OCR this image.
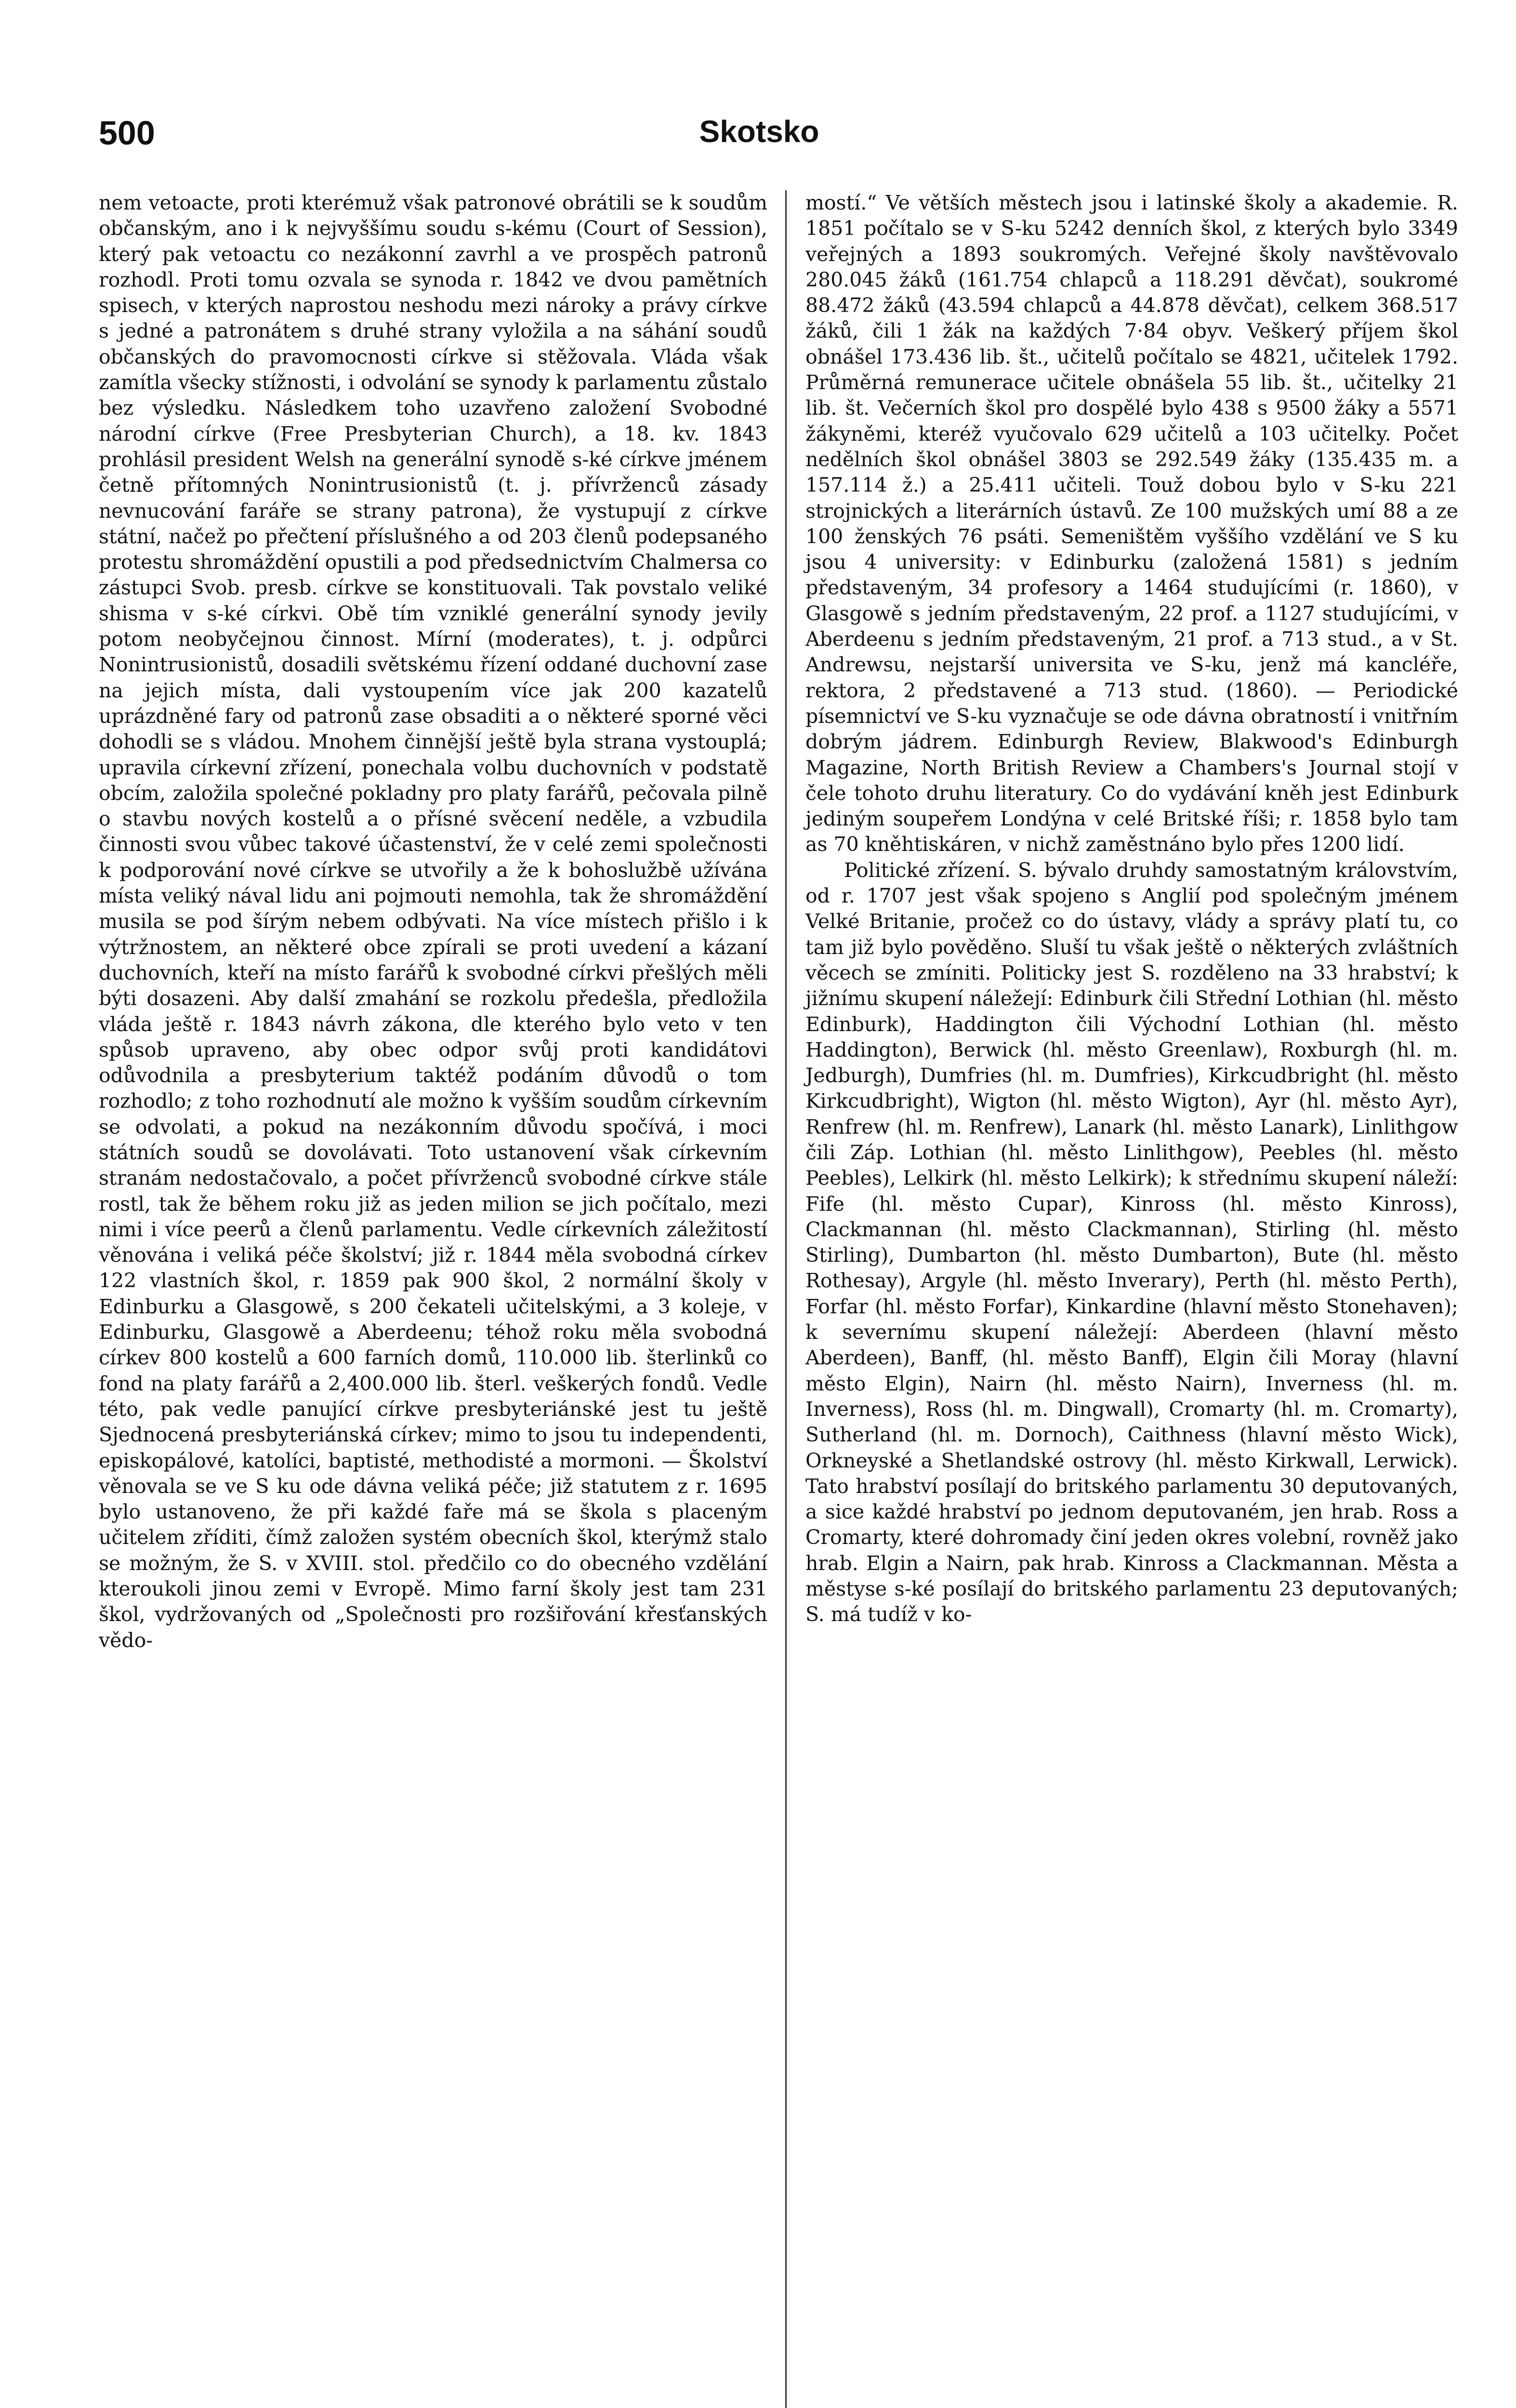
500	Skotsko

nem vetoacte, proti kterémuž však patronové obrátili se k soudům občanským, ano i k nejvyššímu soudu s-kému (Court of Session), který pak vetoactu co nezákonní zavrhl a ve prospěch patronů rozhodl. Proti tomu ozvala se synoda r. 1842 ve dvou pamětních spisech, v kterých naprostou neshodu mezi nároky a právy církve s jedné a patronátem s druhé strany vyložila a na sáhání soudů občanských do pravomocnosti církve si stěžovala. Vláda však zamítla všecky stížnosti, i odvolání se synody k parlamentu zůstalo bez výsledku. Následkem toho uzavřeno založení Svobodné národní církve (Free Presbyterian Church), a 18. kv. 1843 prohlásil president Welsh na generální synodě s-ké církve jménem četně přítomných Nonintrusionistů (t. j. přívrženců zásady nevnucování faráře se strany patrona), že vystupují z církve státní, načež po přečtení příslušného a od 203 členů podepsaného protestu shromáždění opustili a pod předsednictvím Chalmersa co zástupci Svob. presb. církve se konstituovali. Tak povstalo veliké shisma v s-ké církvi. Obě tím vzniklé generální synody jevily potom neobyčejnou činnost. Mírní (moderates), t. j. odpůrci Nonintrusionistů, dosadili světskému řízení oddané duchovní zase na jejich místa, dali vystoupením více jak 200 kazatelů uprázdněné fary od patronů zase obsaditi a o některé sporné věci dohodli se s vládou. Mnohem činnější ještě byla strana vystouplá; upravila církevní zřízení, ponechala volbu duchovních v podstatě obcím, založila společné pokladny pro platy farářů, pečovala pilně o stavbu nových kostelů a o přísné svěcení neděle, a vzbudila činnosti svou vůbec takové účastenství, že v celé zemi společnosti k podporování nové církve se utvořily a že k bohoslužbě užívána místa veliký nával lidu ani pojmouti nemohla, tak že shromáždění musila se pod šírým nebem odbývati. Na více místech přišlo i k výtržnostem, an některé obce zpírali se proti uvedení a kázaní duchovních, kteří na místo farářů k svobodné církvi přešlých měli býti dosazeni. Aby další zmahání se rozkolu předešla, předložila vláda ještě r. 1843 návrh zákona, dle kterého bylo veto v ten spůsob upraveno, aby obec odpor svůj proti kandidátovi odůvodnila a presbyterium taktéž podáním důvodů o tom rozhodlo; z toho rozhodnutí ale možno k vyšším soudům církevním se odvolati, a pokud na nezákonním důvodu spočívá, i moci státních soudů se dovolávati. Toto ustanovení však církevním stranám nedostačovalo, a počet přívrženců svobodné církve stále rostl, tak že během roku již as jeden milion se jich počítalo, mezi nimi i více peerů a členů parlamentu. Vedle církevních záležitostí věnována i veliká péče školství; již r. 1844 měla svobodná církev 122 vlastních škol, r. 1859 pak 900 škol, 2 normální školy v Edinburku a Glasgowě, s 200 čekateli učitelskými, a 3 koleje, v Edinburku, Glasgowě a Aberdeenu; téhož roku měla svobodná církev 800 kostelů a 600 farních domů, 110.000 lib. šterlinků co fond na platy farářů a 2,400.000 lib. šterl. veškerých fondů. Vedle této, pak vedle panující církve presbyteriánské jest tu ještě Sjednocená presbyteriánská církev; mimo to jsou tu independenti, episkopálové, katolíci, baptisté, methodisté a mormoni. — Školství věnovala se ve S ku ode dávna veliká péče; již statutem z r. 1695 bylo ustanoveno, že při každé faře má se škola s placeným učitelem zříditi, čímž založen systém obecních škol, kterýmž stalo se možným, že S. v XVIII. stol. předčilo co do obecného vzdělání kteroukoli jinou zemi v Evropě. Mimo farní školy jest tam 231 škol, vydržovaných od „Společnosti pro rozšiřování křesťanských vědo-

mostí.“ Ve větších městech jsou i latinské školy a akademie. R. 1851 počítalo se v S-ku 5242 denních škol, z kterých bylo 3349 veřejných a 1893 soukromých. Veřejné školy navštěvovalo 280.045 žáků (161.754 chlapců a 118.291 děvčat), soukromé 88.472 žáků (43.594 chlapců a 44.878 děvčat), celkem 368.517 žáků, čili 1 žák na každých 7·84 obyv. Veškerý příjem škol obnášel 173.436 lib. št., učitelů počítalo se 4821, učitelek 1792. Průměrná remunerace učitele obnášela 55 lib. št., učitelky 21 lib. št. Večerních škol pro dospělé bylo 438 s 9500 žáky a 5571 žákyněmi, kteréž vyučovalo 629 učitelů a 103 učitelky. Počet nedělních škol obnášel 3803 se 292.549 žáky (135.435 m. a 157.114 ž.) a 25.411 učiteli. Touž dobou bylo v S-ku 221 strojnických a literárních ústavů. Ze 100 mužských umí 88 a ze 100 ženských 76 psáti. Semeništěm vyššího vzdělání ve S ku jsou 4 university: v Edinburku (založená 1581) s jedním představeným, 34 profesory a 1464 studujícími (r. 1860), v Glasgowě s jedním představeným, 22 prof. a 1127 studujícími, v Aberdeenu s jedním představeným, 21 prof. a 713 stud., a v St. Andrewsu, nejstarší universita ve S-ku, jenž má kancléře, rektora, 2 představené a 713 stud. (1860). — Periodické písemnictví ve S-ku vyznačuje se ode dávna obratností i vnitřním dobrým jádrem. Edinburgh Review, Blakwood's Edinburgh Magazine, North British Review a Chambers's Journal stojí v čele tohoto druhu literatury. Co do vydávání kněh jest Edinburk jediným soupeřem Londýna v celé Britské říši; r. 1858 bylo tam as 70 kněhtiskáren, v nichž zaměstnáno bylo přes 1200 lidí.

Politické zřízení. S. bývalo druhdy samostatným královstvím, od r. 1707 jest však spojeno s Anglií pod společným jménem Velké Britanie, pročež co do ústavy, vlády a správy platí tu, co tam již bylo pověděno. Sluší tu však ještě o některých zvláštních věcech se zmíniti. Politicky jest S. rozděleno na 33 hrabství; k jižnímu skupení náležejí: Edinburk čili Střední Lothian (hl. město Edinburk), Haddington čili Východní Lothian (hl. město Haddington), Berwick (hl. město Greenlaw), Roxburgh (hl. m. Jedburgh), Dumfries (hl. m. Dumfries), Kirkcudbright (hl. město Kirkcudbright), Wigton (hl. město Wigton), Ayr (hl. město Ayr), Renfrew (hl. m. Renfrew), Lanark (hl. město Lanark), Linlithgow čili Záp. Lothian (hl. město Linlithgow), Peebles (hl. město Peebles), Lelkirk (hl. město Lelkirk); k střednímu skupení náleží: Fife (hl. město Cupar), Kinross (hl. město Kinross), Clackmannan (hl. město Clackmannan), Stirling (hl. město Stirling), Dumbarton (hl. město Dumbarton), Bute (hl. město Rothesay), Argyle (hl. město Inverary), Perth (hl. město Perth), Forfar (hl. město Forfar), Kinkardine (hlavní město Stonehaven); k severnímu skupení náležejí: Aberdeen (hlavní město Aberdeen), Banff, (hl. město Banff), Elgin čili Moray (hlavní město Elgin), Nairn (hl. město Nairn), Inverness (hl. m. Inverness), Ross (hl. m. Dingwall), Cromarty (hl. m. Cromarty), Sutherland (hl. m. Dornoch), Caithness (hlavní město Wick), Orkneyské a Shetlandské ostrovy (hl. město Kirkwall, Lerwick). Tato hrabství posílají do britského parlamentu 30 deputovaných, a sice každé hrabství po jednom deputovaném, jen hrab. Ross a Cromarty, které dohromady činí jeden okres volební, rovněž jako hrab. Elgin a Nairn, pak hrab. Kinross a Clackmannan. Města a městyse s-ké posílají do britského parlamentu 23 deputovaných; S. má tudíž v ko-
